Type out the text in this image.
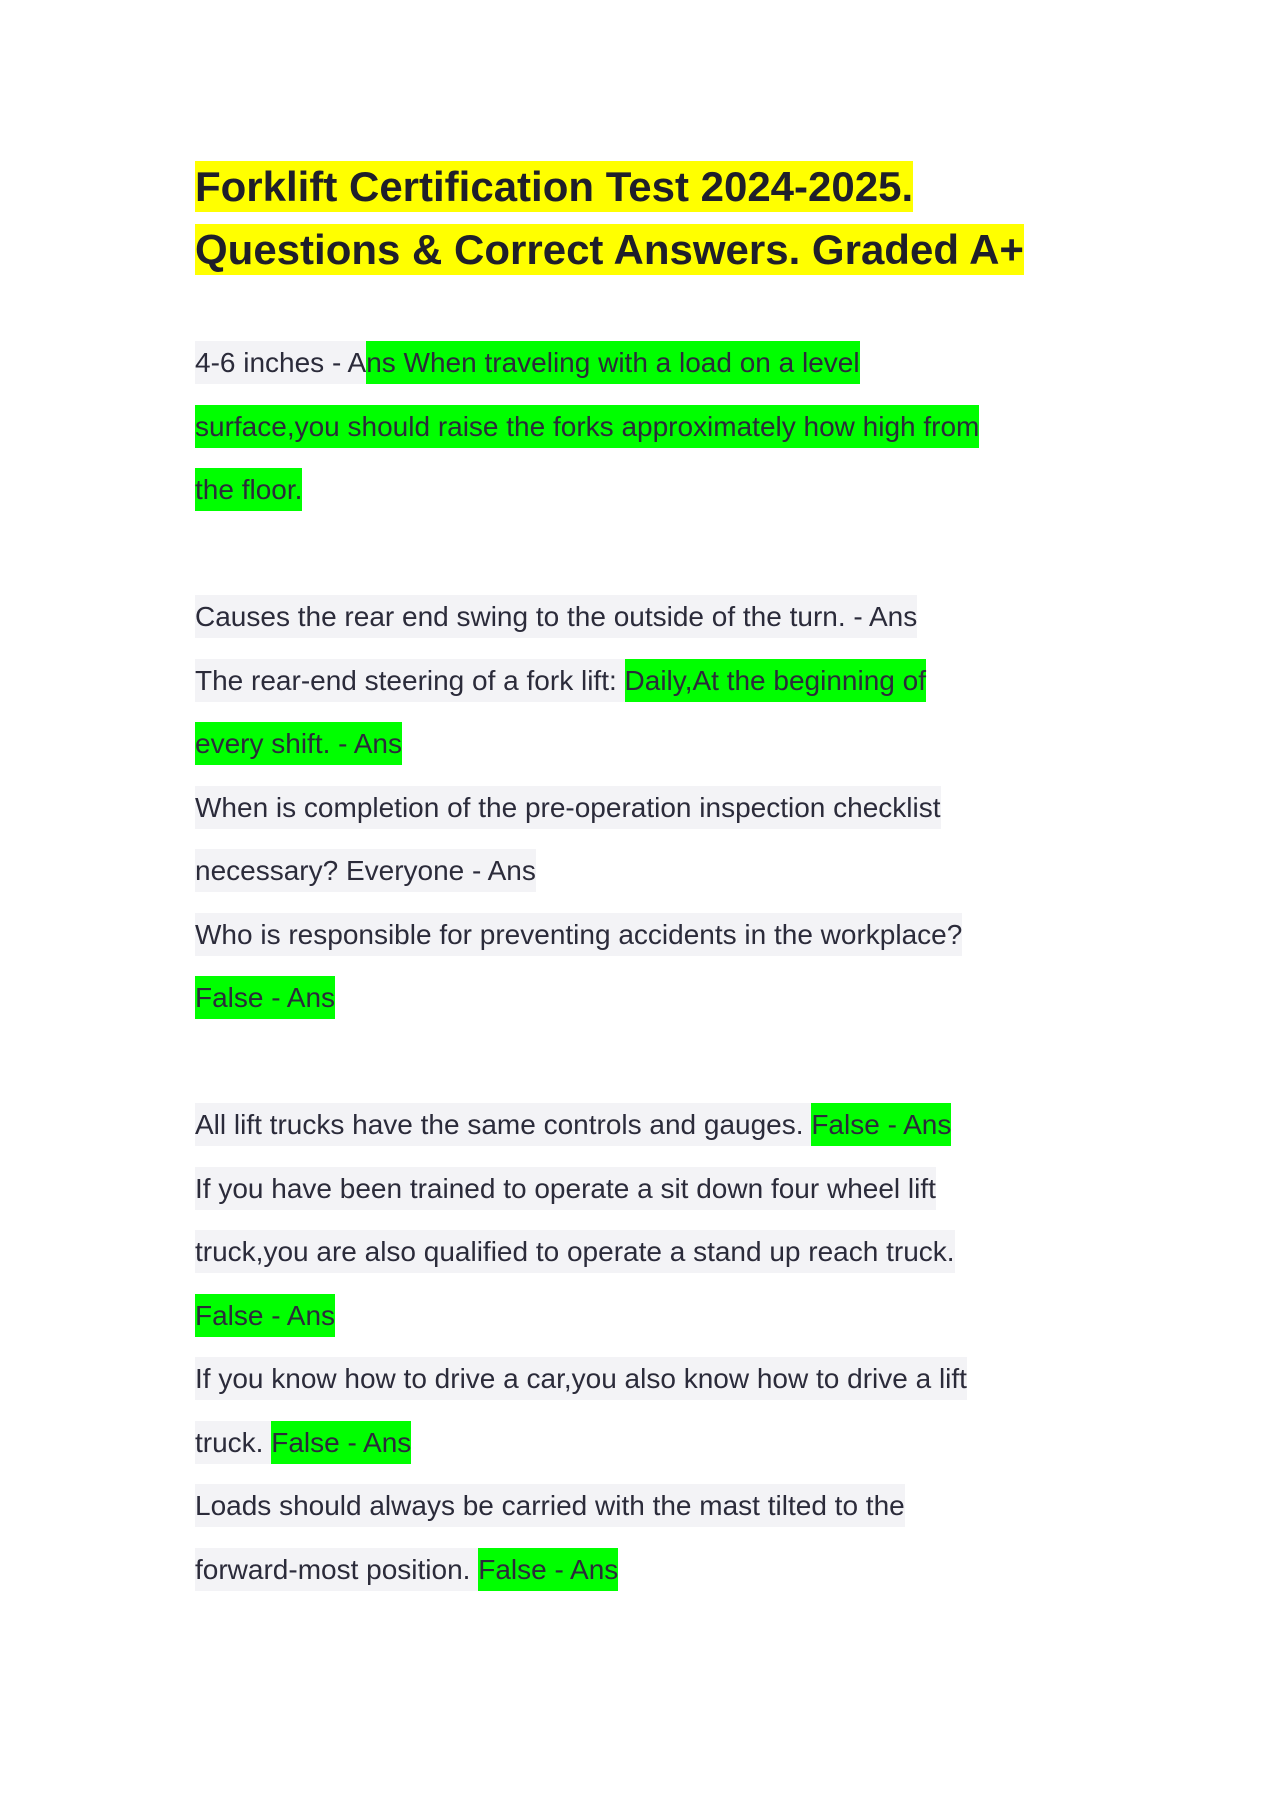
Forklift Certification Test 2024-2025.
Questions & Correct Answers. Graded A+
4-6 inches - Ans When traveling with a load on a level
surface,you should raise the forks approximately how high from
the floor.
Causes the rear end swing to the outside of the turn. - Ans
The rear-end steering of a fork lift: Daily,At the beginning of
every shift. - Ans
When is completion of the pre-operation inspection checklist
necessary? Everyone - Ans
Who is responsible for preventing accidents in the workplace?
False - Ans
All lift trucks have the same controls and gauges. False - Ans
If you have been trained to operate a sit down four wheel lift
truck,you are also qualified to operate a stand up reach truck.
False - Ans
If you know how to drive a car,you also know how to drive a lift
truck. False - Ans
Loads should always be carried with the mast tilted to the
forward-most position. False - Ans
